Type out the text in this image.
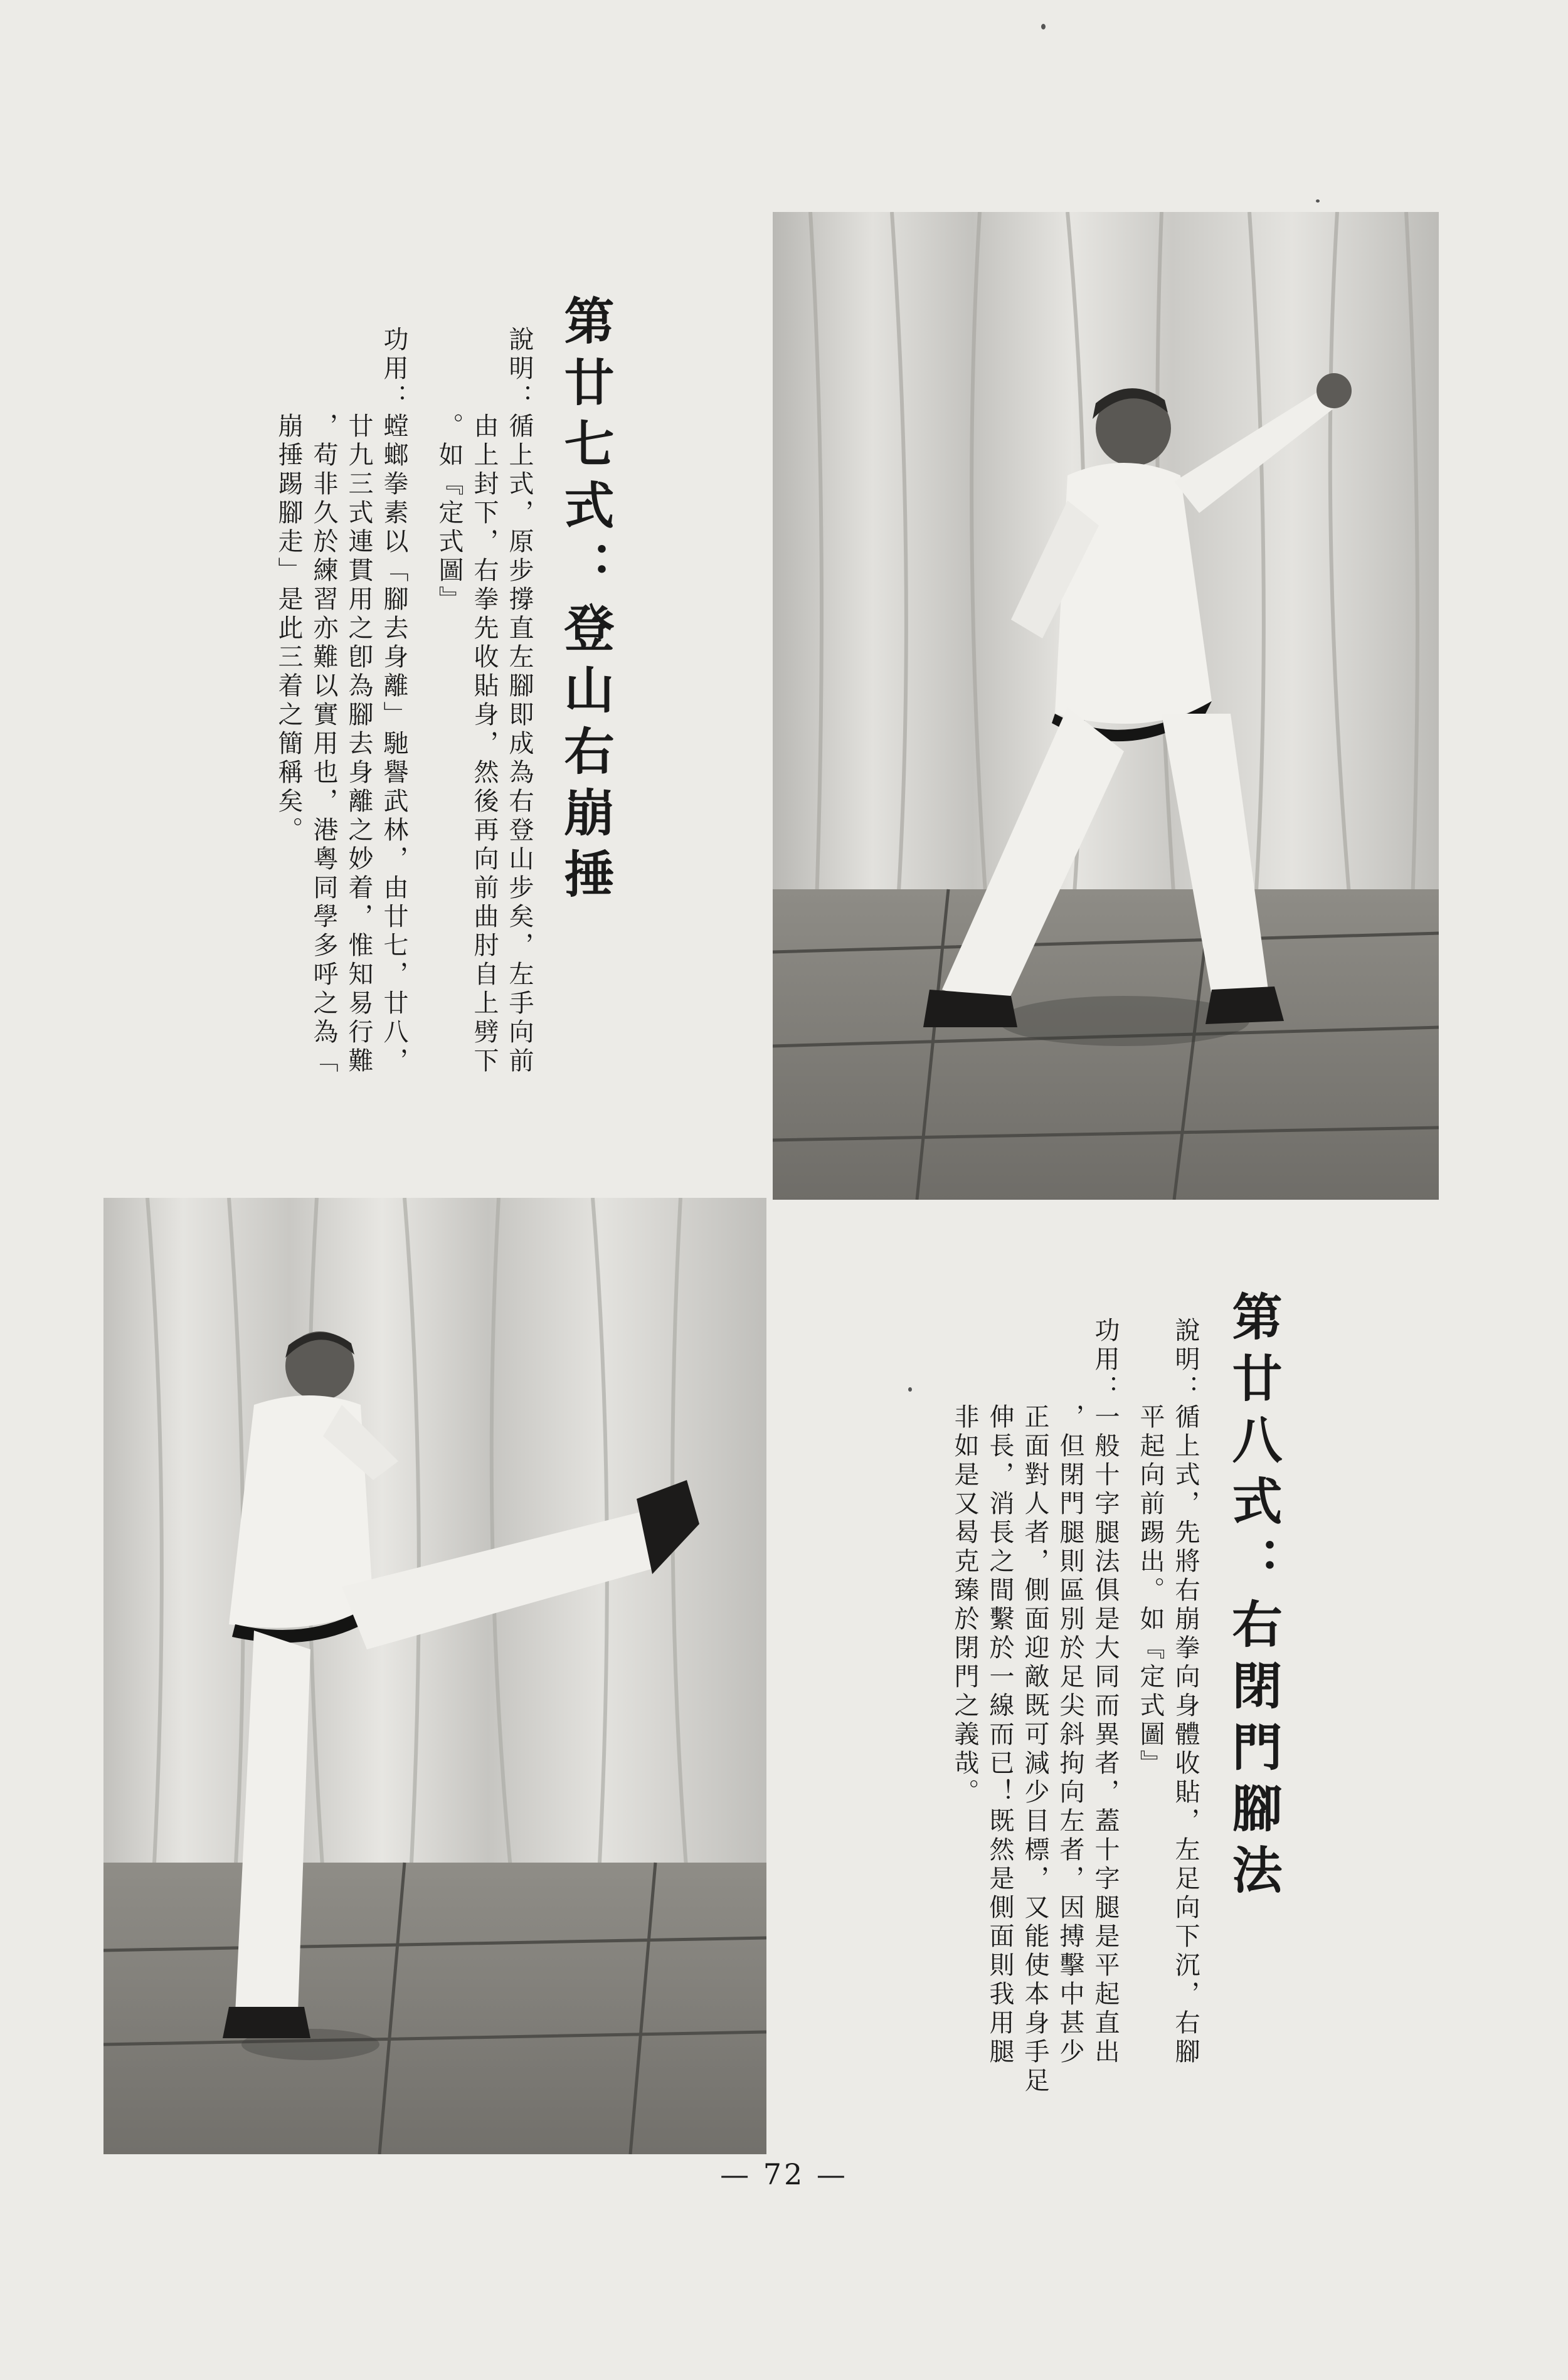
第廿七式：登山右崩捶
說明：循上式，原步撐直左腳即成為右登山步矣，左手向前
　　　由上封下，右拳先收貼身，然後再向前曲肘自上劈下
　　　。如『定式圖』
功用：螳螂拳素以「腳去身離」馳譽武林，由廿七，廿八，
　　　廿九三式連貫用之卽為腳去身離之妙着，惟知易行難
　　　，苟非久於練習亦難以實用也，港粵同學多呼之為「
　　　崩捶踢腳走」是此三着之簡稱矣。
第廿八式：右閉門腳法
說明：循上式，先將右崩拳向身體收貼，左足向下沉，右腳
　　　平起向前踢出。如『定式圖』
功用：一般十字腿法俱是大同而異者，蓋十字腿是平起直出
　　　，但閉門腿則區別於足尖斜拘向左者，因搏擊中甚少
　　　正面對人者，側面迎敵既可減少目標，又能使本身手足
　　　伸長，消長之間繫於一線而已！既然是側面則我用腿
　　　非如是又曷克臻於閉門之義哉。
— 72 —
